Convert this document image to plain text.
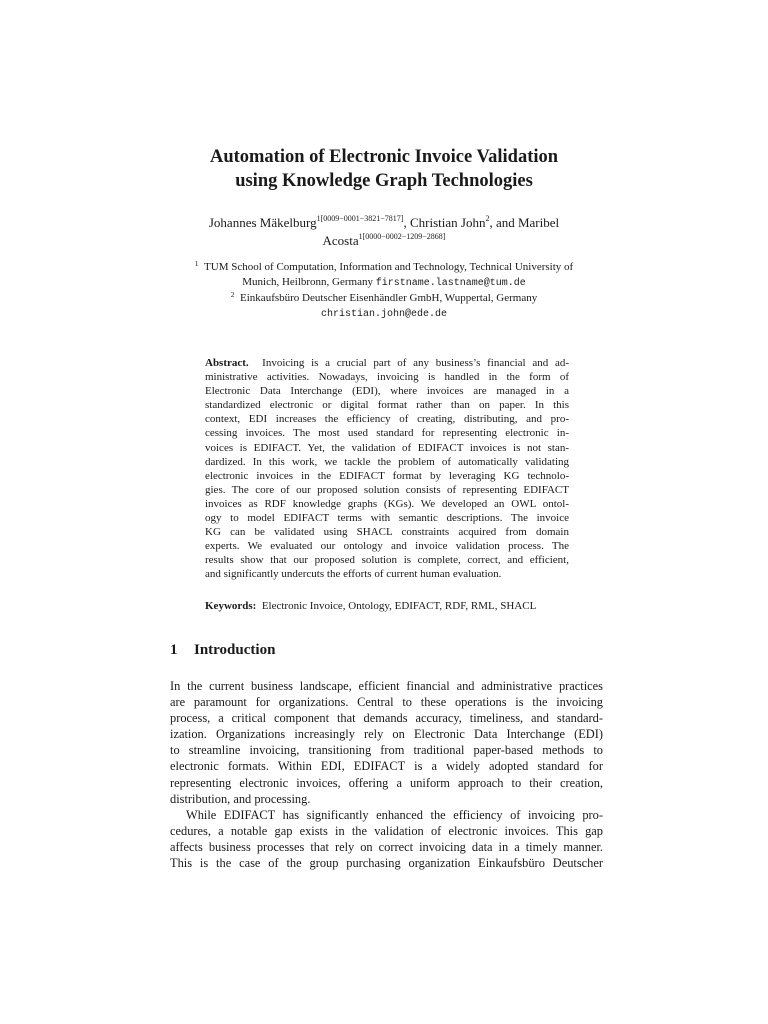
Automation of Electronic Invoice Validation
using Knowledge Graph Technologies
Johannes Mäkelburg$^{1[0009-0001-3821-7817]}$, Christian John$^2$, and Maribel
Acosta$^{1[0000-0002-1209-2868]}$
$^1$ TUM School of Computation, Information and Technology, Technical University of
Munich, Heilbronn, Germany firstname.lastname@tum.de
$^2$ Einkaufsbüro Deutscher Eisenhändler GmbH, Wuppertal, Germany
christian.john@ede.de
Abstract. Invoicing is a crucial part of any business’s financial and ad-
ministrative activities. Nowadays, invoicing is handled in the form of
Electronic Data Interchange (EDI), where invoices are managed in a
standardized electronic or digital format rather than on paper. In this
context, EDI increases the efficiency of creating, distributing, and pro-
cessing invoices. The most used standard for representing electronic in-
voices is EDIFACT. Yet, the validation of EDIFACT invoices is not stan-
dardized. In this work, we tackle the problem of automatically validating
electronic invoices in the EDIFACT format by leveraging KG technolo-
gies. The core of our proposed solution consists of representing EDIFACT
invoices as RDF knowledge graphs (KGs). We developed an OWL ontol-
ogy to model EDIFACT terms with semantic descriptions. The invoice
KG can be validated using SHACL constraints acquired from domain
experts. We evaluated our ontology and invoice validation process. The
results show that our proposed solution is complete, correct, and efficient,
and significantly undercuts the efforts of current human evaluation.
Keywords: Electronic Invoice, Ontology, EDIFACT, RDF, RML, SHACL
1 Introduction
In the current business landscape, efficient financial and administrative practices
are paramount for organizations. Central to these operations is the invoicing
process, a critical component that demands accuracy, timeliness, and standard-
ization. Organizations increasingly rely on Electronic Data Interchange (EDI)
to streamline invoicing, transitioning from traditional paper-based methods to
electronic formats. Within EDI, EDIFACT is a widely adopted standard for
representing electronic invoices, offering a uniform approach to their creation,
distribution, and processing.
While EDIFACT has significantly enhanced the efficiency of invoicing pro-
cedures, a notable gap exists in the validation of electronic invoices. This gap
affects business processes that rely on correct invoicing data in a timely manner.
This is the case of the group purchasing organization Einkaufsbüro Deutscher
